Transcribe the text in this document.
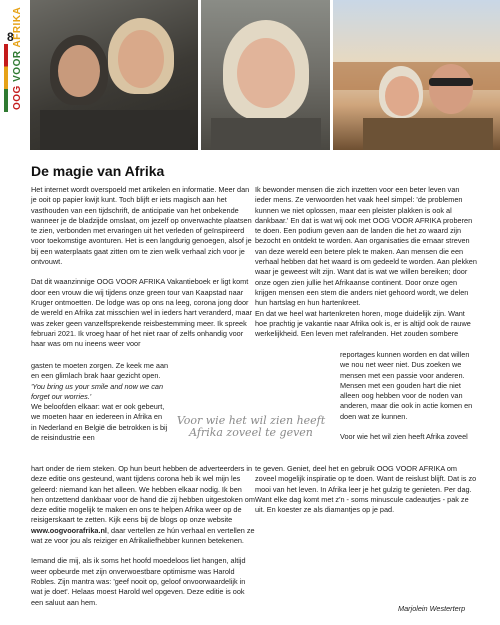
8
OOG VOOR AFRIKA
De magie van Afrika

Het internet wordt overspoeld met artikelen en informatie. Meer dan je ooit op papier kwijt kunt. Toch blijft er iets magisch aan het vasthouden van een tijdschrift, de anticipatie van het onbekende wanneer je de bladzijde omslaat, om jezelf op onverwachte plaatsen te zien, verbonden met ervaringen uit het verleden of geïnspireerd voor toekomstige avonturen. Het is een langdurig genoegen, alsof je bij een waterplaats gaat zitten om te zien welk verhaal zich voor je ontvouwt.

Dat dit waanzinnige OOG VOOR AFRIKA Vakantieboek er ligt komt door een vrouw die wij tijdens onze green tour van Kaapstad naar Kruger ontmoetten. De lodge was op ons na leeg, corona jong door de wereld en Afrika zat misschien wel in ieders hart veranderd, maar was zeker geen vanzelfsprekende reisbestemming meer. Ik spreek februari 2021. Ik vroeg haar of het niet raar of zelfs onhandig voor haar was om nu ineens weer voor

gasten te moeten zorgen. Ze keek me aan en een glimlach brak haar gezicht open.

'You bring us your smile and now we can forget our worries.'

We beloofden elkaar: wat er ook gebeurt, we moeten haar en iedereen in Afrika en in Nederland en België die betrokken is bij de reisindustrie een

Voor wie het wil zien heeft Afrika zoveel te geven

hart onder de riem steken. Op hun beurt hebben de adverteerders in deze editie ons gesteund, want tijdens corona heb ik wel mijn les geleerd: niemand kan het alleen. We hebben elkaar nodig. Ik ben hen ontzettend dankbaar voor de hand die zij hebben uitgestoken om deze editie mogelijk te maken en ons te helpen Afrika weer op de reisigerskaart te zetten. Kijk eens bij de blogs op onze website www.oogvoorafrika.nl, daar vertellen ze hún verhaal en vertellen ze wat ze voor jou als reiziger en Afrikaliefhebber kunnen betekenen.

Iemand die mij, als ik soms het hoofd moedeloos liet hangen, altijd weer opbeurde met zijn onverwoestbare optimisme was Harold Robles. Zijn mantra was: 'geef nooit op, geloof onvoorwaardelijk in wat je doet'. Helaas moest Harold wel opgeven. Deze editie is ook een saluut aan hem.

Ik bewonder mensen die zich inzetten voor een beter leven van ieder mens. Ze verwoorden het vaak heel simpel: 'de problemen kunnen we niet oplossen, maar een pleister plakken is ook al dankbaar.' En dat is wat wij ook met OOG VOOR AFRIKA proberen te doen. Een podium geven aan de landen die het zo waard zijn bezocht en ontdekt te worden. Aan organisaties die ernaar streven van deze wereld een betere plek te maken. Aan mensen die een verhaal hebben dat het waard is om gedeeld te worden. Aan plekken waar je geweest wilt zijn. Want dat is wat we willen bereiken; door onze ogen zien jullie het Afrikaanse continent. Door onze ogen krijgen mensen een stem die anders niet gehoord wordt, we delen hun hartslag en hun hartenkreet.

En dat we heel wat hartenkreten horen, moge duidelijk zijn. Want hoe prachtig je vakantie naar Afrika ook is, er is altijd ook de rauwe werkelijkheid. Een leven met rafelranden. Het zouden sombere

reportages kunnen worden en dat willen we nou net weer niet. Dus zoeken we mensen met een passie voor anderen. Mensen met een gouden hart die niet alleen oog hebben voor de noden van anderen, maar die ook in actie komen en doen wat ze kunnen.

Voor wie het wil zien heeft Afrika zoveel

te geven. Geniet, deel het en gebruik OOG VOOR AFRIKA om zoveel mogelijk inspiratie op te doen. Want de reislust blijft. Dat is zo mooi van het leven. In Afrika leer je het gulzig te genieten. Per dag. Want elke dag komt met z'n - soms minuscule cadeautjes - pak ze uit. En koester ze als diamantjes op je pad.

Marjolein Westerterp
